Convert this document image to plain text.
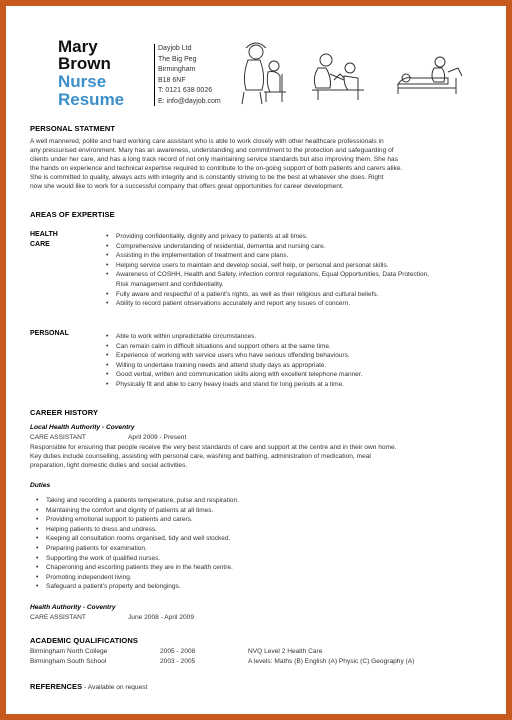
Mary
Brown
Nurse
Resume
Dayjob Ltd
The Big Peg
Birmingham
B18 6NF
T: 0121 638 0026
E: info@dayjob.com
PERSONAL STATMENT
A well mannered, polite and hard working care assistant who is able to work closely with other healthcare professionals in
any pressurised environment. Mary has an awareness, understanding and commitment to the protection and safeguarding of
clients under her care, and has a long track record of not only maintaining service standards but also improving them. She has
the hands on experience and technical expertise required to contribute to the on-going support of both patients and carers alike.
She is committed to quality, always acts with integrity and is constantly striving to be the best at whatever she does. Right
now she would like to work for a successful company that offers great opportunities for career development.
AREAS OF EXPERTISE
HEALTH
CARE
• Providing confidentiality, dignity and privacy to patients at all times.
• Comprehensive understanding of residential, dementia and nursing care.
• Assisting in the implementation of treatment and care plans.
• Helping service users to maintain and develop social, self help, or personal and personal skills.
• Awareness of COSHH, Health and Safety, infection control regulations, Equal Opportunities, Data Protection,
Risk management and confidentiality.
• Fully aware and respectful of a patient's rights, as well as their religious and cultural beliefs.
• Ability to record patient observations accurately and report any issues of concern.
PERSONAL	• Able to work within unpredictable circumstances.
• Can remain calm in difficult situations and support others at the same time.
• Experience of working with service users who have serious offending behaviours.
• Willing to undertake training needs and attend study days as appropriate.
• Good verbal, written and communication skills along with excellent telephone manner.
• Physically fit and able to carry heavy loads and stand for long periods at a time.
CAREER HISTORY
Local Health Authority - Coventry
CARE ASSISTANT	April 2009 - Present
Responsible for ensuring that people receive the very best standards of care and support at the centre and in their own home.
Key duties include counselling, assisting with personal care, washing and bathing, administration of medication, meal
preparation, light domestic duties and social activities.
Duties
• Taking and recording a patients temperature, pulse and respiration.
• Maintaining the comfort and dignity of patients at all times.
• Providing emotional support to patients and carers.
• Helping patients to dress and undress.
• Keeping all consultation rooms organised, tidy and well stocked.
• Preparing patients for examination.
• Supporting the work of qualified nurses.
• Chaperoning and escorting patients they are in the health centre.
• Promoting independent living.
• Safeguard a patient's property and belongings.
Health Authority - Coventry
CARE ASSISTANT	June 2008 - April 2009
ACADEMIC QUALIFICATIONS
Birmingham North College	2005 - 2008	NVQ Level 2 Health Care
Birmingham South School	2003 - 2005	A levels: Maths (B) English (A) Physic (C) Geography (A)
REFERENCES - Available on request
